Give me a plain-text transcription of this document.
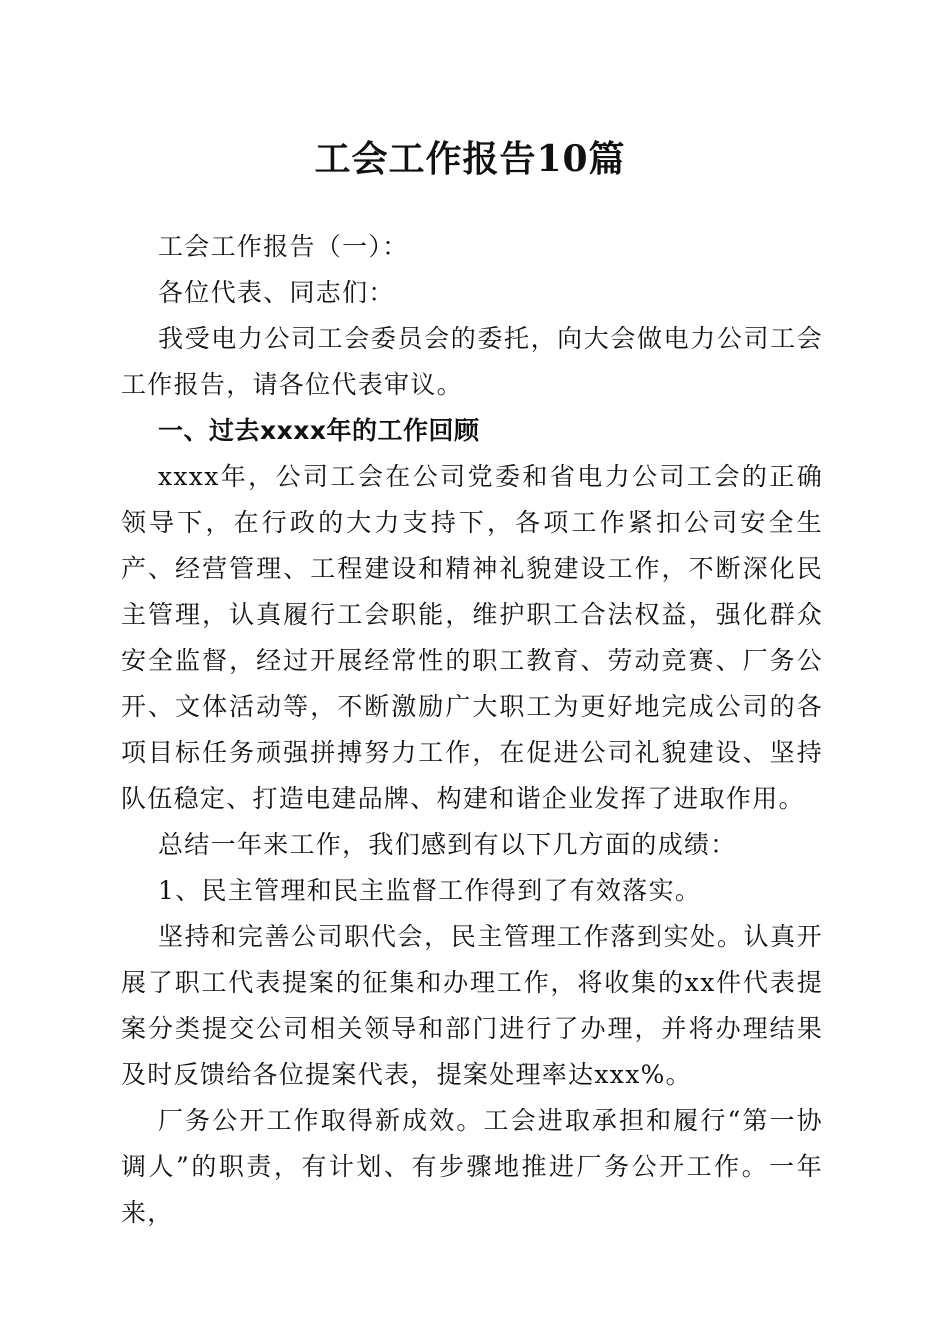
工会工作报告10篇

工会工作报告（一）：

各位代表、同志们：

我受电力公司工会委员会的委托，向大会做电力公司工会工作报告，请各位代表审议。

一、过去xxxx年的工作回顾

xxxx年，公司工会在公司党委和省电力公司工会的正确领导下，在行政的大力支持下，各项工作紧扣公司安全生产、经营管理、工程建设和精神礼貌建设工作，不断深化民主管理，认真履行工会职能，维护职工合法权益，强化群众安全监督，经过开展经常性的职工教育、劳动竞赛、厂务公开、文体活动等，不断激励广大职工为更好地完成公司的各项目标任务顽强拼搏努力工作，在促进公司礼貌建设、坚持队伍稳定、打造电建品牌、构建和谐企业发挥了进取作用。

总结一年来工作，我们感到有以下几方面的成绩：

1、民主管理和民主监督工作得到了有效落实。

坚持和完善公司职代会，民主管理工作落到实处。认真开展了职工代表提案的征集和办理工作，将收集的xx件代表提案分类提交公司相关领导和部门进行了办理，并将办理结果及时反馈给各位提案代表，提案处理率达xxx%。

厂务公开工作取得新成效。工会进取承担和履行“第一协调人”的职责，有计划、有步骤地推进厂务公开工作。一年来，
